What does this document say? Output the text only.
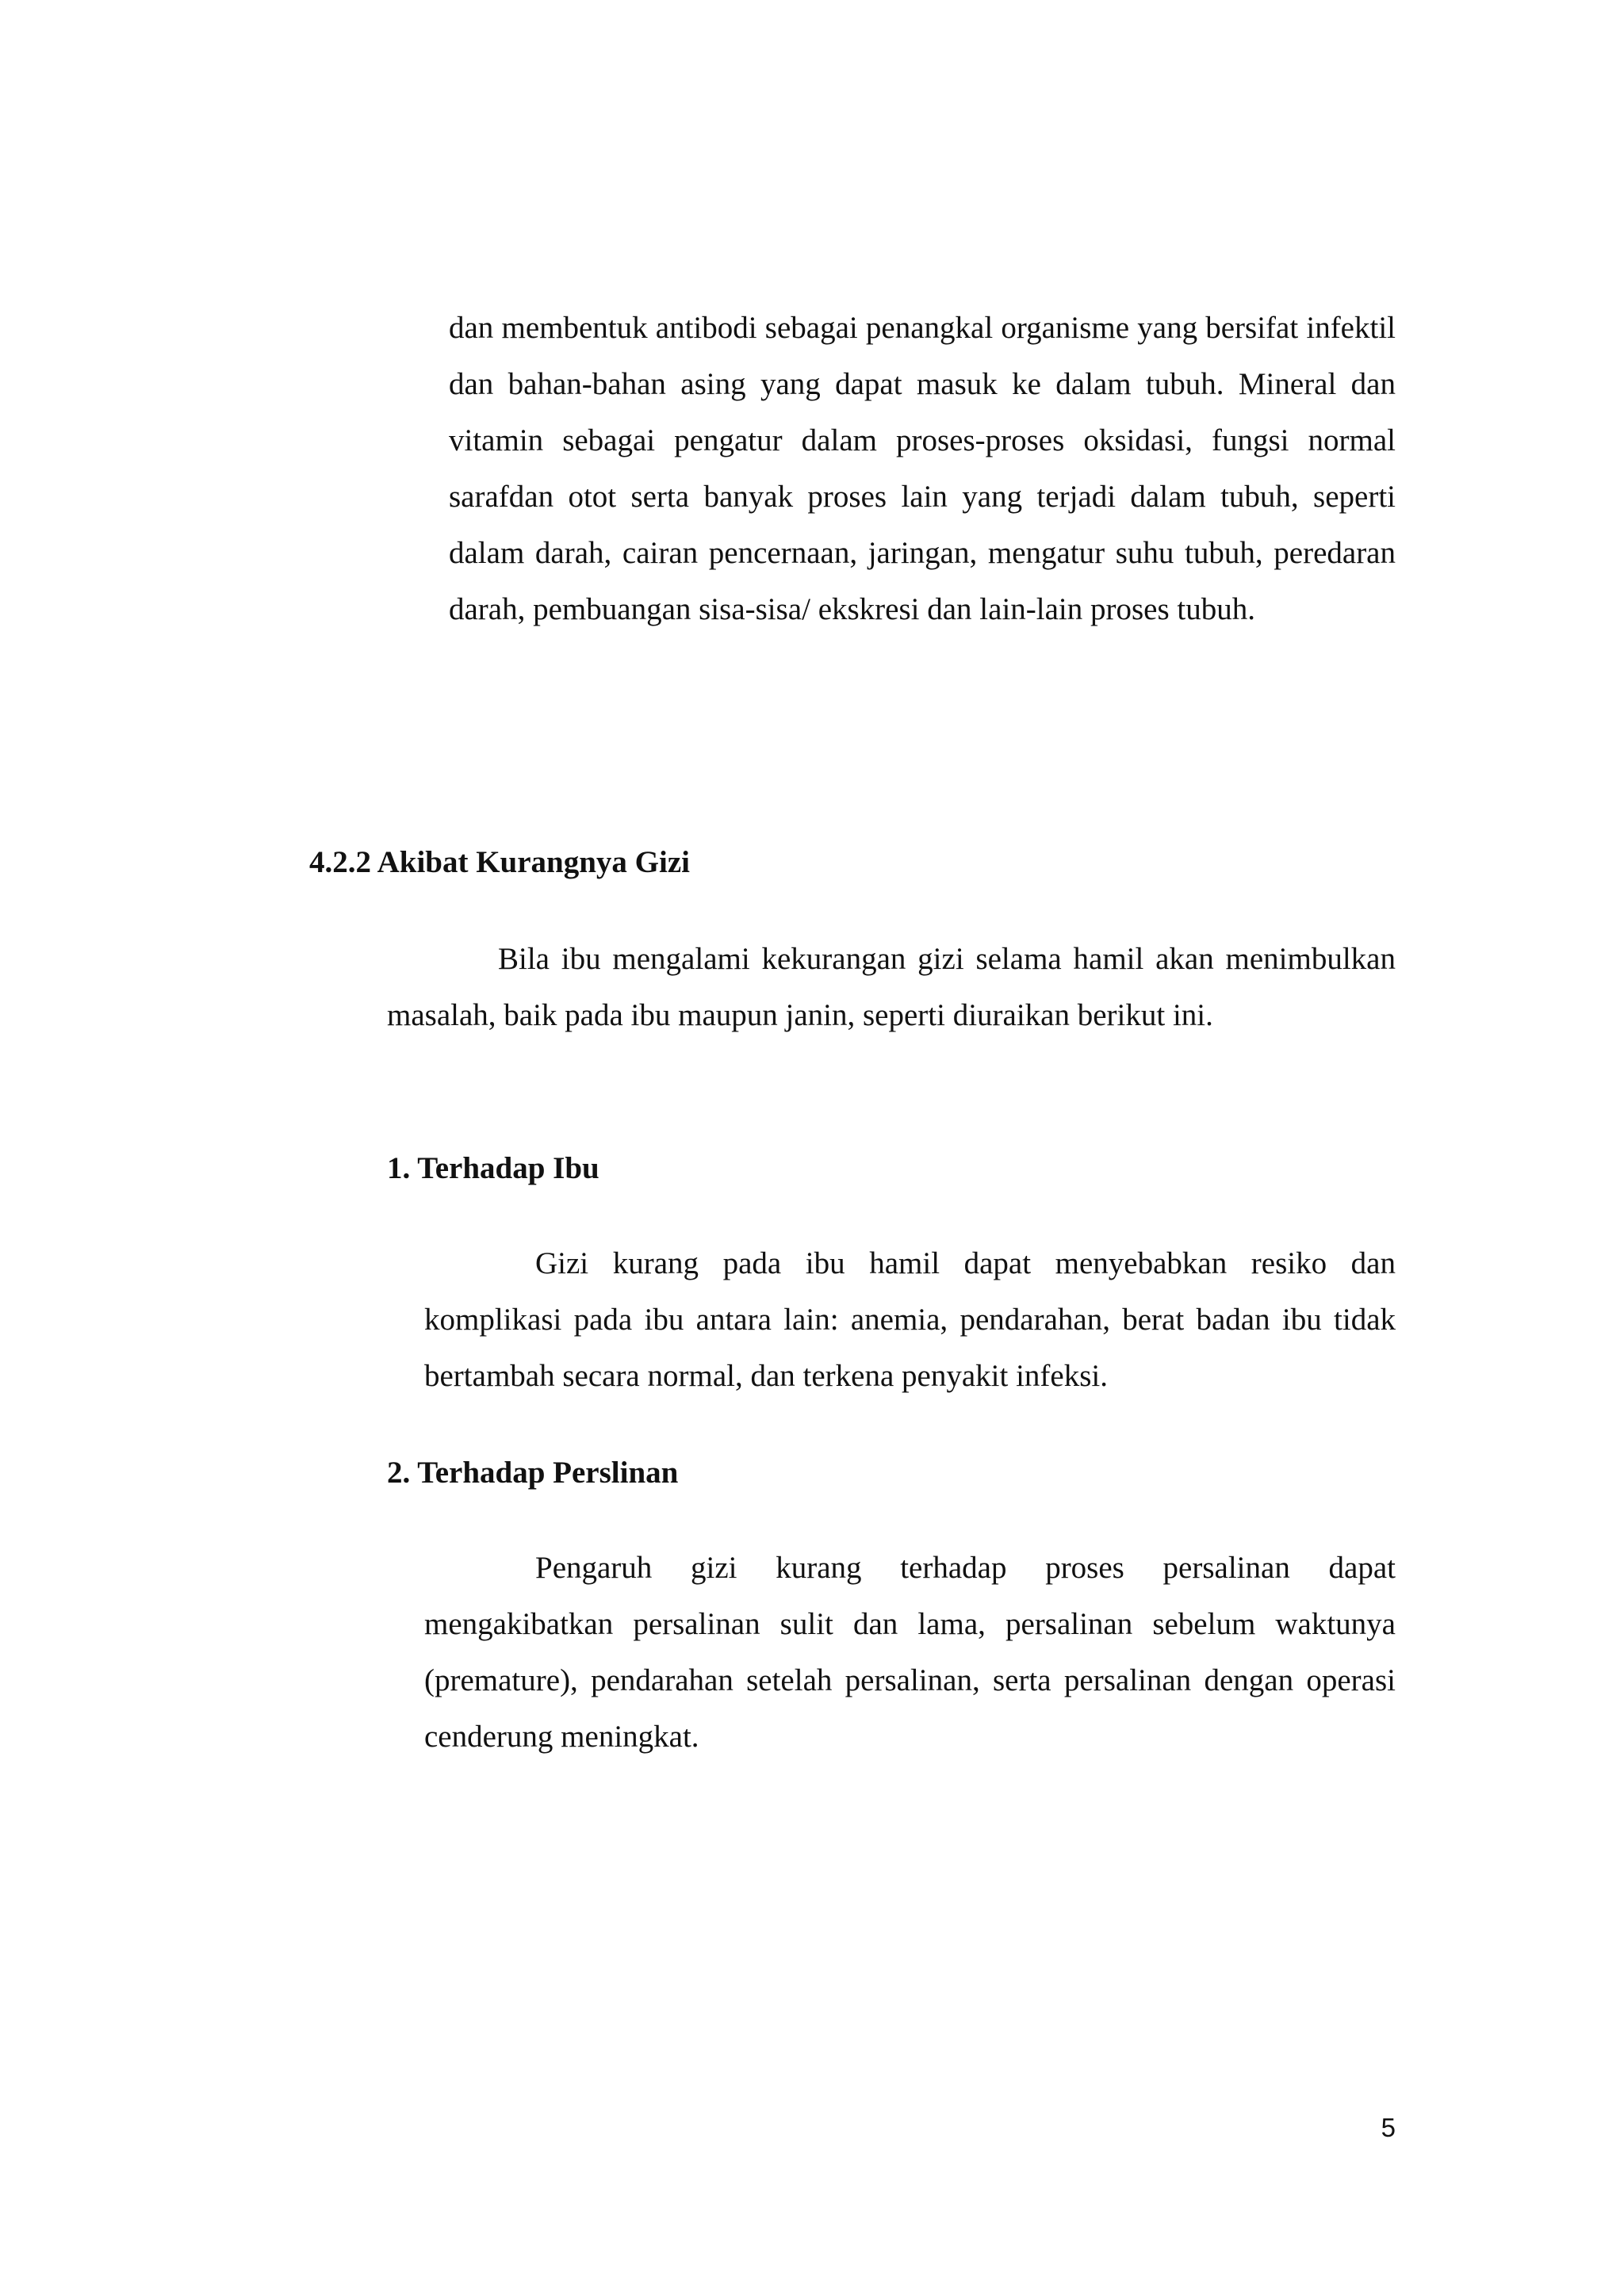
dan membentuk antibodi sebagai penangkal organisme yang bersifat infektil dan bahan-bahan asing yang dapat masuk ke dalam tubuh. Mineral dan vitamin sebagai pengatur dalam proses-proses oksidasi, fungsi normal sarafdan otot serta banyak proses lain yang terjadi dalam tubuh, seperti dalam darah, cairan pencernaan, jaringan, mengatur suhu tubuh, peredaran darah, pembuangan sisa-sisa/ ekskresi dan lain-lain proses tubuh.

4.2.2 Akibat Kurangnya Gizi

Bila ibu mengalami kekurangan gizi selama hamil akan menimbulkan masalah, baik pada ibu maupun janin, seperti diuraikan berikut ini.

1. Terhadap Ibu

Gizi kurang pada ibu hamil dapat menyebabkan resiko dan komplikasi pada ibu antara lain: anemia, pendarahan, berat badan ibu tidak bertambah secara normal, dan terkena penyakit infeksi.

2. Terhadap Perslinan

Pengaruh gizi kurang terhadap proses persalinan dapat mengakibatkan persalinan sulit dan lama, persalinan sebelum waktunya (premature), pendarahan setelah persalinan, serta persalinan dengan operasi cenderung meningkat.

5
